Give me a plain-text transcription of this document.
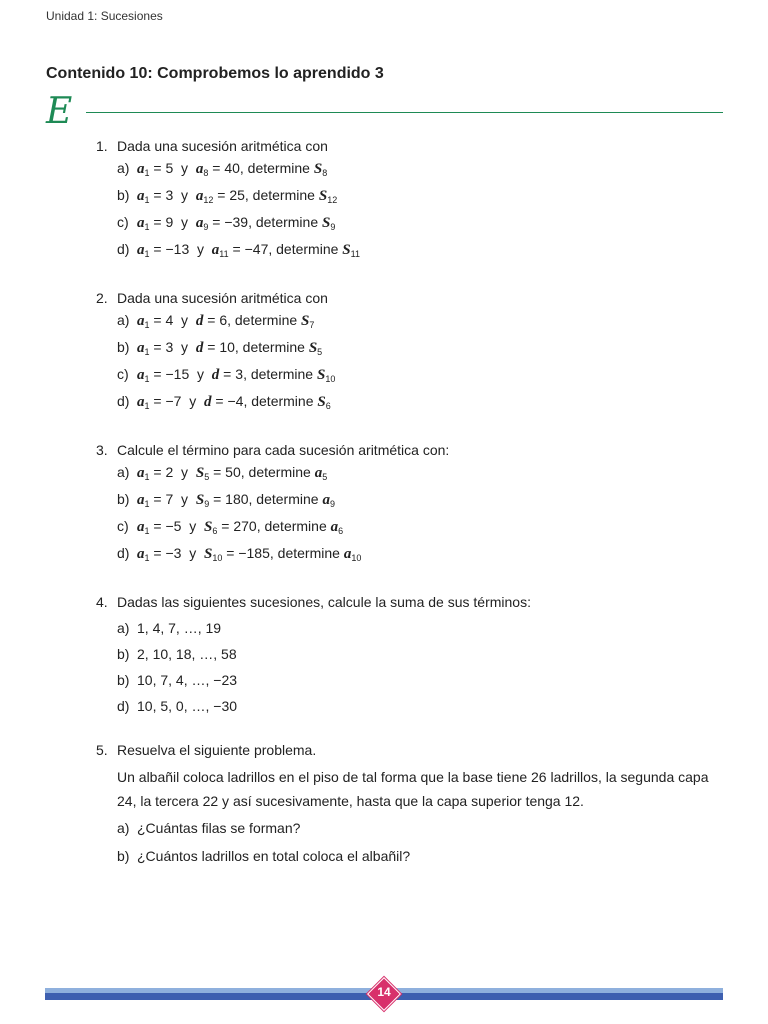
Unidad 1: Sucesiones
Contenido 10: Comprobemos lo aprendido 3
E
1. Dada una sucesión aritmética con
a) $a_1 = 5$  y  $a_8 = 40$, determine $S_8$
b) $a_1 = 3$  y  $a_{12} = 25$, determine $S_{12}$
c) $a_1 = 9$  y  $a_9 = -39$, determine $S_9$
d) $a_1 = -13$  y  $a_{11} = -47$, determine $S_{11}$
2. Dada una sucesión aritmética con
a) $a_1 = 4$  y  d = 6, determine $S_7$
b) $a_1 = 3$  y  d = 10, determine $S_5$
c) $a_1 = -15$  y  d = 3, determine $S_{10}$
d) $a_1 = -7$  y  d = −4, determine $S_6$
3. Calcule el término para cada sucesión aritmética con:
a) $a_1 = 2$  y  $S_5 = 50$, determine $a_5$
b) $a_1 = 7$  y  $S_9 = 180$, determine $a_9$
c) $a_1 = -5$  y  $S_6 = 270$, determine $a_6$
d) $a_1 = -3$  y  $S_{10} = -185$, determine $a_{10}$
4. Dadas las siguientes sucesiones, calcule la suma de sus términos:
a) 1, 4, 7, …, 19
b) 2, 10, 18, …, 58
b) 10, 7, 4, …, −23
d) 10, 5, 0, …, −30
5. Resuelva el siguiente problema.
Un albañil coloca ladrillos en el piso de tal forma que la base tiene 26 ladrillos, la segunda capa 24, la tercera 22 y así sucesivamente, hasta que la capa superior tenga 12.
a) ¿Cuántas filas se forman?
b) ¿Cuántos ladrillos en total coloca el albañil?
14
